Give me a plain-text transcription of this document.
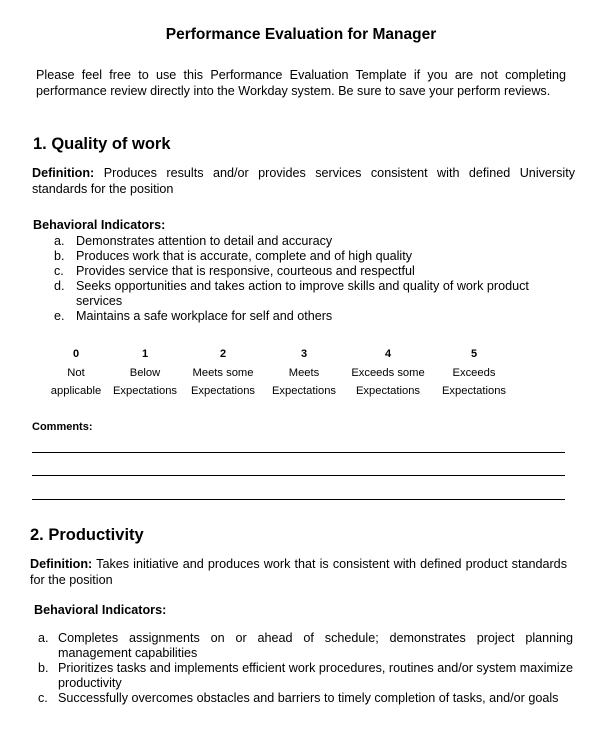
Performance Evaluation for Manager
Please feel free to use this Performance Evaluation Template if you are not completing performance review directly into the Workday system. Be sure to save your perform reviews.
1. Quality of work
Definition: Produces results and/or provides services consistent with defined University standards for the position
Behavioral Indicators:
a. Demonstrates attention to detail and accuracy
b. Produces work that is accurate, complete and of high quality
c. Provides service that is responsive, courteous and respectful
d. Seeks opportunities and takes action to improve skills and quality of work product services
e. Maintains a safe workplace for self and others
0
Not
applicable
1
Below
Expectations
2
Meets some
Expectations
3
Meets
Expectations
4
Exceeds some
Expectations
5
Exceeds
Expectations
Comments:
2. Productivity
Definition: Takes initiative and produces work that is consistent with defined product standards for the position
Behavioral Indicators:
a. Completes assignments on or ahead of schedule; demonstrates project planning management capabilities
b. Prioritizes tasks and implements efficient work procedures, routines and/or system maximize productivity
c. Successfully overcomes obstacles and barriers to timely completion of tasks, and/or goals
